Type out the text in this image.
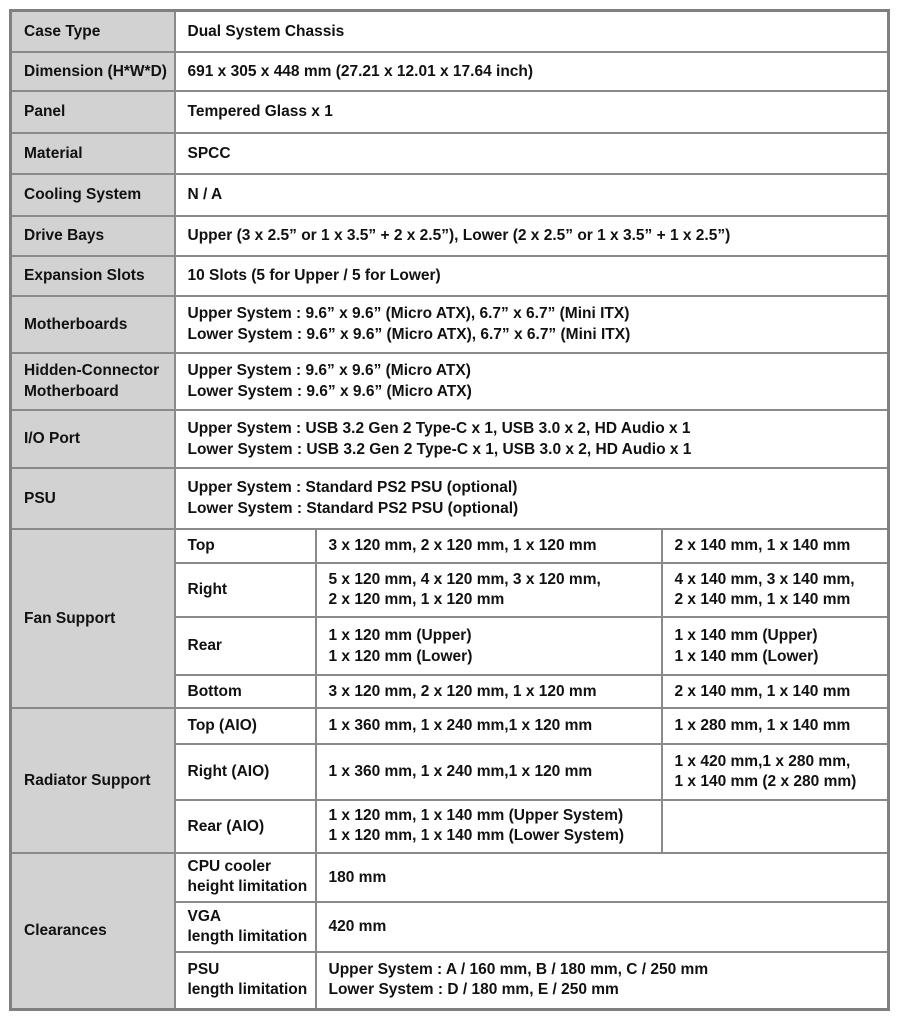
Case Type	Dual System Chassis		
Dimension (H*W*D)	691 x 305 x 448 mm (27.21 x 12.01 x 17.64 inch)		
Panel	Tempered Glass x 1		
Material	SPCC		
Cooling System	N / A		
Drive Bays	Upper (3 x 2.5” or 1 x 3.5” + 2 x 2.5”), Lower (2 x 2.5” or 1 x 3.5” + 1 x 2.5”)		
Expansion Slots	10 Slots (5 for Upper / 5 for Lower)		
Motherboards	Upper System : 9.6” x 9.6” (Micro ATX), 6.7” x 6.7” (Mini ITX)
Lower System : 9.6” x 9.6” (Micro ATX), 6.7” x 6.7” (Mini ITX)		

Hidden-Connector
Motherboard	Upper System : 9.6” x 9.6” (Micro ATX)
Lower System : 9.6” x 9.6” (Micro ATX)		

I/O Port	Upper System : USB 3.2 Gen 2 Type-C x 1, USB 3.0 x 2, HD Audio x 1
Lower System : USB 3.2 Gen 2 Type-C x 1, USB 3.0 x 2, HD Audio x 1		

PSU	Upper System : Standard PS2 PSU (optional)
Lower System : Standard PS2 PSU (optional)		

Fan Support	Top	3 x 120 mm, 2 x 120 mm, 1 x 120 mm	2 x 140 mm, 1 x 140 mm
	Right	5 x 120 mm, 4 x 120 mm, 3 x 120 mm,
2 x 120 mm, 1 x 120 mm	4 x 140 mm, 3 x 140 mm,
2 x 140 mm, 1 x 140 mm

	Rear	1 x 120 mm (Upper)
1 x 120 mm (Lower)	1 x 140 mm (Upper)
1 x 140 mm (Lower)

	Bottom	3 x 120 mm, 2 x 120 mm, 1 x 120 mm	2 x 140 mm, 1 x 140 mm
Radiator Support	Top (AIO)	1 x 360 mm, 1 x 240 mm,1 x 120 mm	1 x 280 mm, 1 x 140 mm
	Right (AIO)	1 x 360 mm, 1 x 240 mm,1 x 120 mm	1 x 420 mm,1 x 280 mm,
1 x 140 mm (2 x 280 mm)

	Rear (AIO)	1 x 120 mm, 1 x 140 mm (Upper System)
1 x 120 mm, 1 x 140 mm (Lower System)	

Clearances	CPU cooler
height limitation	180 mm	

	VGA
length limitation	420 mm	

	PSU
length limitation	Upper System : A / 160 mm, B / 180 mm, C / 250 mm
Lower System : D / 180 mm, E / 250 mm	
